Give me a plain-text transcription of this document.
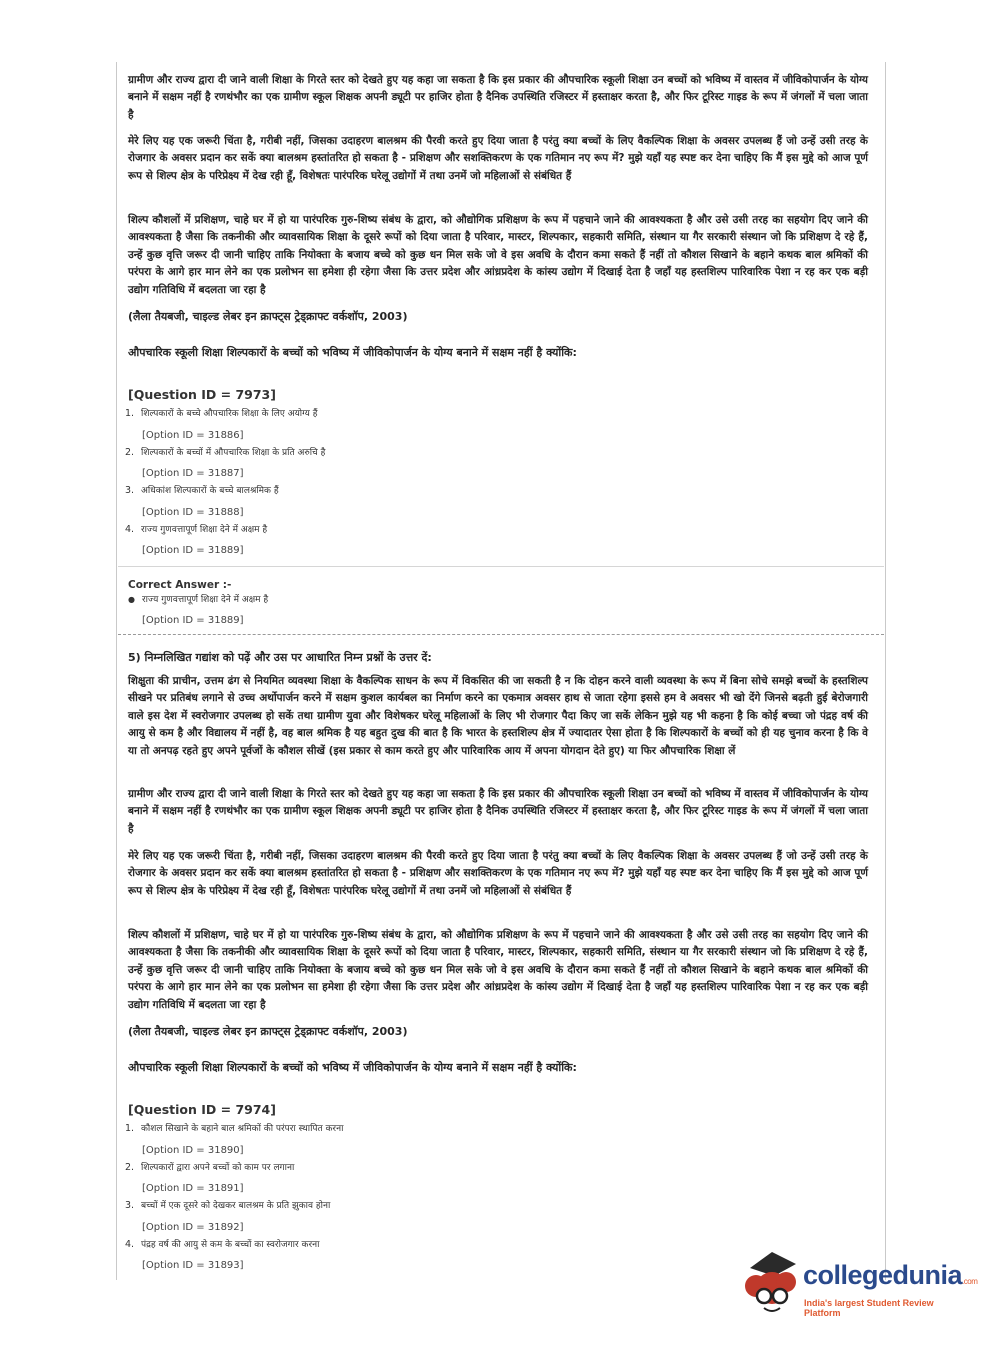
ग्रामीण और राज्य द्वारा दी जाने वाली शिक्षा के गिरते स्तर को देखते हुए यह कहा जा सकता है कि इस प्रकार की औपचारिक स्कूली शिक्षा उन बच्चों को भविष्य में वास्तव में जीविकोपार्जन के योग्य बनाने में सक्षम नहीं है रणथंभौर का एक ग्रामीण स्कूल शिक्षक अपनी ड्यूटी पर हाजिर होता है दैनिक उपस्थिति रजिस्टर में हस्ताक्षर करता है, और फिर टूरिस्ट गाइड के रूप में जंगलों में चला जाता है

मेरे लिए यह एक जरूरी चिंता है, गरीबी नहीं, जिसका उदाहरण बालश्रम की पैरवी करते हुए दिया जाता है परंतु क्या बच्चों के लिए वैकल्पिक शिक्षा के अवसर उपलब्ध हैं जो उन्हें उसी तरह के रोजगार के अवसर प्रदान कर सकें क्या बालश्रम हस्तांतरित हो सकता है - प्रशिक्षण और सशक्तिकरण के एक गतिमान नए रूप में? मुझे यहाँ यह स्पष्ट कर देना चाहिए कि मैं इस मुद्दे को आज पूर्ण रूप से शिल्प क्षेत्र के परिप्रेक्ष्य में देख रही हूँ, विशेषतः पारंपरिक घरेलू उद्योगों में तथा उनमें जो महिलाओं से संबंधित हैं

शिल्प कौशलों में प्रशिक्षण, चाहे घर में हो या पारंपरिक गुरु-शिष्य संबंध के द्वारा, को औद्योगिक प्रशिक्षण के रूप में पहचाने जाने की आवश्यकता है और उसे उसी तरह का सहयोग दिए जाने की आवश्यकता है जैसा कि तकनीकी और व्यावसायिक शिक्षा के दूसरे रूपों को दिया जाता है परिवार, मास्टर, शिल्पकार, सहकारी समिति, संस्थान या गैर सरकारी संस्थान जो कि प्रशिक्षण दे रहे हैं, उन्हें कुछ वृत्ति जरूर दी जानी चाहिए ताकि नियोक्ता के बजाय बच्चे को कुछ धन मिल सके जो वे इस अवधि के दौरान कमा सकते हैं नहीं तो कौशल सिखाने के बहाने कथक बाल श्रमिकों की परंपरा के आगे हार मान लेने का एक प्रलोभन सा हमेशा ही रहेगा जैसा कि उत्तर प्रदेश और आंध्रप्रदेश के कांस्य उद्योग में दिखाई देता है जहाँ यह हस्तशिल्प पारिवारिक पेशा न रह कर एक बड़ी उद्योग गतिविधि में बदलता जा रहा है

(लैला तैयबजी, चाइल्ड लेबर इन क्राफ्ट्स ट्रेड्क्राफ्ट वर्कशॉप, 2003)

औपचारिक स्कूली शिक्षा शिल्पकारों के बच्चों को भविष्य में जीविकोपार्जन के योग्य बनाने में सक्षम नहीं है क्योंकि:

[Question ID = 7973]

1. शिल्पकारों के बच्चे औपचारिक शिक्षा के लिए अयोग्य हैं
[Option ID = 31886]
2. शिल्पकारों के बच्चों में औपचारिक शिक्षा के प्रति अरुचि है
[Option ID = 31887]
3. अधिकांश शिल्पकारों के बच्चे बालश्रमिक हैं
[Option ID = 31888]
4. राज्य गुणवत्तापूर्ण शिक्षा देने में अक्षम है
[Option ID = 31889]
Correct Answer :-
● राज्य गुणवत्तापूर्ण शिक्षा देने में अक्षम है
[Option ID = 31889]

5) निम्नलिखित गद्यांश को पढ़ें और उस पर आधारित निम्न प्रश्नों के उत्तर दें:

शिक्षुता की प्राचीन, उत्तम ढंग से नियमित व्यवस्था शिक्षा के वैकल्पिक साधन के रूप में विकसित की जा सकती है न कि दोहन करने वाली व्यवस्था के रूप में बिना सोचे समझे बच्चों के हस्तशिल्प सीखने पर प्रतिबंध लगाने से उच्च अर्थोपार्जन करने में सक्षम कुशल कार्यबल का निर्माण करने का एकमात्र अवसर हाथ से जाता रहेगा इससे हम वे अवसर भी खो देंगे जिनसे बढ़ती हुई बेरोजगारी वाले इस देश में स्वरोजगार उपलब्ध हो सकें तथा ग्रामीण युवा और विशेषकर घरेलू महिलाओं के लिए भी रोजगार पैदा किए जा सकें लेकिन मुझे यह भी कहना है कि कोई बच्चा जो पंद्रह वर्ष की आयु से कम है और विद्यालय में नहीं है, वह बाल श्रमिक है यह बहुत दुख की बात है कि भारत के हस्तशिल्प क्षेत्र में ज्यादातर ऐसा होता है कि शिल्पकारों के बच्चों को ही यह चुनाव करना है कि वे या तो अनपढ़ रहते हुए अपने पूर्वजों के कौशल सीखें (इस प्रकार से काम करते हुए और पारिवारिक आय में अपना योगदान देते हुए) या फिर औपचारिक शिक्षा लें

ग्रामीण और राज्य द्वारा दी जाने वाली शिक्षा के गिरते स्तर को देखते हुए यह कहा जा सकता है कि इस प्रकार की औपचारिक स्कूली शिक्षा उन बच्चों को भविष्य में वास्तव में जीविकोपार्जन के योग्य बनाने में सक्षम नहीं है रणथंभौर का एक ग्रामीण स्कूल शिक्षक अपनी ड्यूटी पर हाजिर होता है दैनिक उपस्थिति रजिस्टर में हस्ताक्षर करता है, और फिर टूरिस्ट गाइड के रूप में जंगलों में चला जाता है

मेरे लिए यह एक जरूरी चिंता है, गरीबी नहीं, जिसका उदाहरण बालश्रम की पैरवी करते हुए दिया जाता है परंतु क्या बच्चों के लिए वैकल्पिक शिक्षा के अवसर उपलब्ध हैं जो उन्हें उसी तरह के रोजगार के अवसर प्रदान कर सकें क्या बालश्रम हस्तांतरित हो सकता है - प्रशिक्षण और सशक्तिकरण के एक गतिमान नए रूप में? मुझे यहाँ यह स्पष्ट कर देना चाहिए कि मैं इस मुद्दे को आज पूर्ण रूप से शिल्प क्षेत्र के परिप्रेक्ष्य में देख रही हूँ, विशेषतः पारंपरिक घरेलू उद्योगों में तथा उनमें जो महिलाओं से संबंधित हैं

शिल्प कौशलों में प्रशिक्षण, चाहे घर में हो या पारंपरिक गुरु-शिष्य संबंध के द्वारा, को औद्योगिक प्रशिक्षण के रूप में पहचाने जाने की आवश्यकता है और उसे उसी तरह का सहयोग दिए जाने की आवश्यकता है जैसा कि तकनीकी और व्यावसायिक शिक्षा के दूसरे रूपों को दिया जाता है परिवार, मास्टर, शिल्पकार, सहकारी समिति, संस्थान या गैर सरकारी संस्थान जो कि प्रशिक्षण दे रहे हैं, उन्हें कुछ वृत्ति जरूर दी जानी चाहिए ताकि नियोक्ता के बजाय बच्चे को कुछ धन मिल सके जो वे इस अवधि के दौरान कमा सकते हैं नहीं तो कौशल सिखाने के बहाने कथक बाल श्रमिकों की परंपरा के आगे हार मान लेने का एक प्रलोभन सा हमेशा ही रहेगा जैसा कि उत्तर प्रदेश और आंध्रप्रदेश के कांस्य उद्योग में दिखाई देता है जहाँ यह हस्तशिल्प पारिवारिक पेशा न रह कर एक बड़ी उद्योग गतिविधि में बदलता जा रहा है

(लैला तैयबजी, चाइल्ड लेबर इन क्राफ्ट्स ट्रेड्क्राफ्ट वर्कशॉप, 2003)

औपचारिक स्कूली शिक्षा शिल्पकारों के बच्चों को भविष्य में जीविकोपार्जन के योग्य बनाने में सक्षम नहीं है क्योंकि:

[Question ID = 7974]

1. कौशल सिखाने के बहाने बाल श्रमिकों की परंपरा स्थापित करना
[Option ID = 31890]
2. शिल्पकारों द्वारा अपने बच्चों को काम पर लगाना
[Option ID = 31891]
3. बच्चों में एक दूसरे को देखकर बालश्रम के प्रति झुकाव होना
[Option ID = 31892]
4. पंद्रह वर्ष की आयु से कम के बच्चों का स्वरोजगार करना
[Option ID = 31893]	collegedunia.com
India's largest Student Review Platform
